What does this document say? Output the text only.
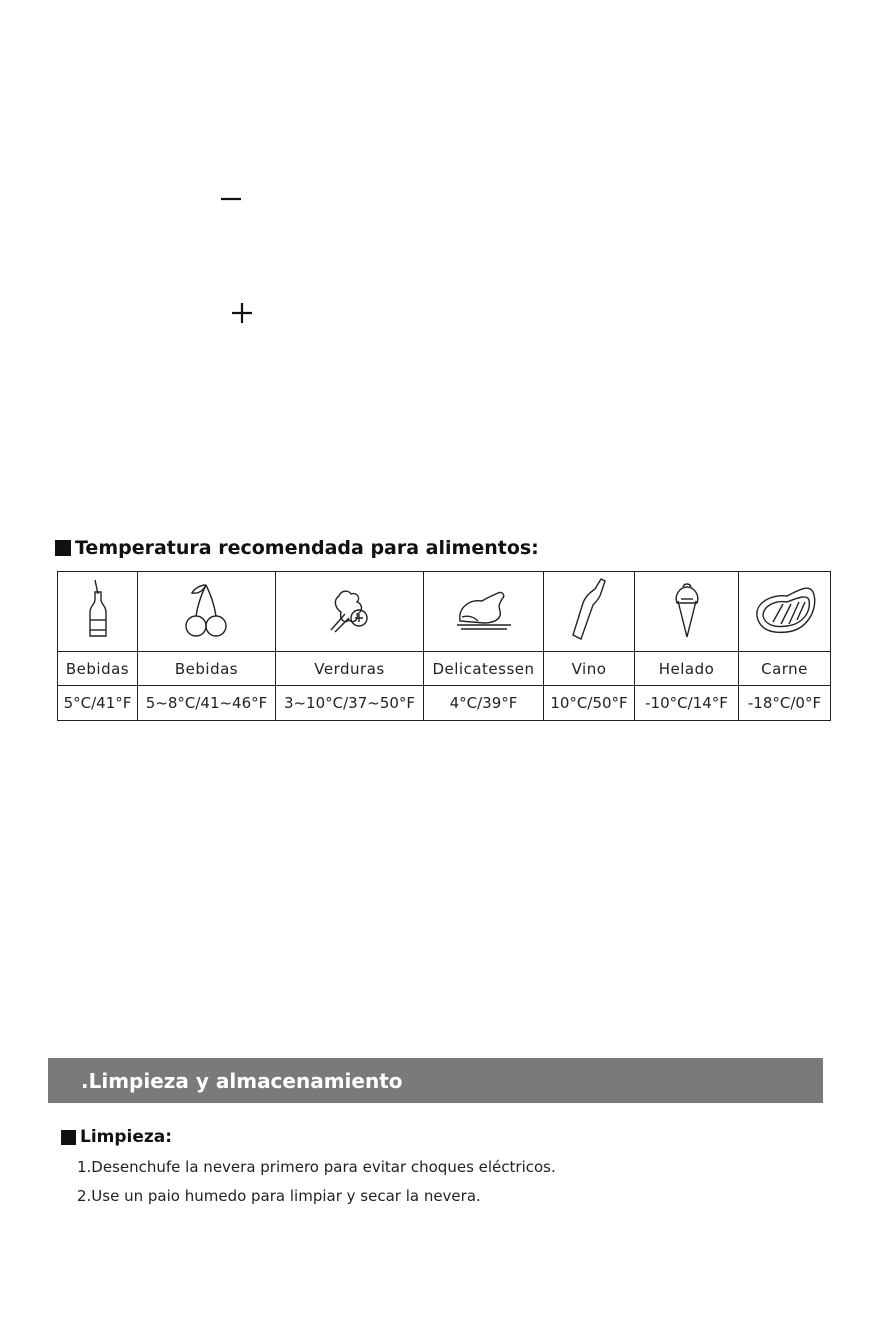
Temperatura recomendada para alimentos:

Bebidas	Bebidas	Verduras	Delicatessen	Vino	Helado	Carne
5°C/41°F	5~8°C/41~46°F	3~10°C/37~50°F	4°C/39°F	10°C/50°F	-10°C/14°F	-18°C/0°F
.Limpieza y almacenamiento
Limpieza:
1.Desenchufe la nevera primero para evitar choques eléctricos.
2.Use un paio humedo para limpiar y secar la nevera.
